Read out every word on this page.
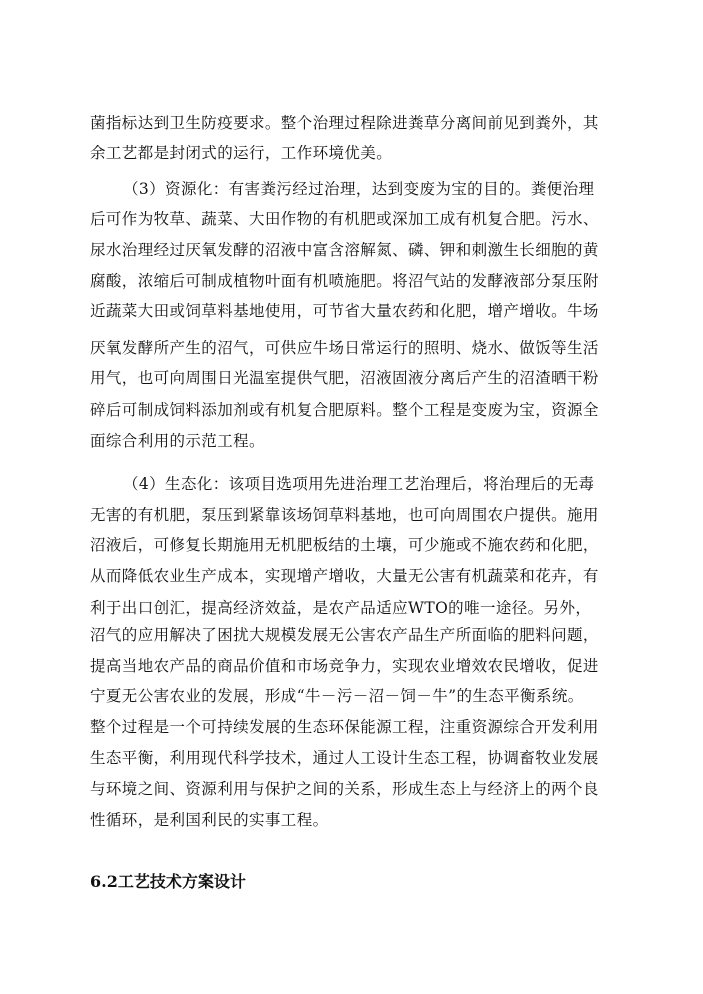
菌指标达到卫生防疫要求。整个治理过程除进粪草分离间前见到粪外，其
余工艺都是封闭式的运行，工作环境优美。
（3）资源化：有害粪污经过治理，达到变废为宝的目的。粪便治理
后可作为牧草、蔬菜、大田作物的有机肥或深加工成有机复合肥。污水、
尿水治理经过厌氧发酵的沼液中富含溶解氮、磷、钾和刺激生长细胞的黄
腐酸，浓缩后可制成植物叶面有机喷施肥。将沼气站的发酵液部分泵压附
近蔬菜大田或饲草料基地使用，可节省大量农药和化肥，增产增收。牛场
厌氧发酵所产生的沼气，可供应牛场日常运行的照明、烧水、做饭等生活
用气，也可向周围日光温室提供气肥，沼液固液分离后产生的沼渣晒干粉
碎后可制成饲料添加剂或有机复合肥原料。整个工程是变废为宝，资源全
面综合利用的示范工程。
（4）生态化：该项目选项用先进治理工艺治理后，将治理后的无毒
无害的有机肥，泵压到紧靠该场饲草料基地，也可向周围农户提供。施用
沼液后，可修复长期施用无机肥板结的土壤，可少施或不施农药和化肥，
从而降低农业生产成本，实现增产增收，大量无公害有机蔬菜和花卉，有
利于出口创汇，提高经济效益，是农产品适应WTO的唯一途径。另外，
沼气的应用解决了困扰大规模发展无公害农产品生产所面临的肥料问题，
提高当地农产品的商品价值和市场竞争力，实现农业增效农民增收，促进
宁夏无公害农业的发展，形成“牛－污－沼－饲－牛”的生态平衡系统。
整个过程是一个可持续发展的生态环保能源工程，注重资源综合开发利用
生态平衡，利用现代科学技术，通过人工设计生态工程，协调畜牧业发展
与环境之间、资源利用与保护之间的关系，形成生态上与经济上的两个良
性循环，是利国利民的实事工程。
6.2工艺技术方案设计
